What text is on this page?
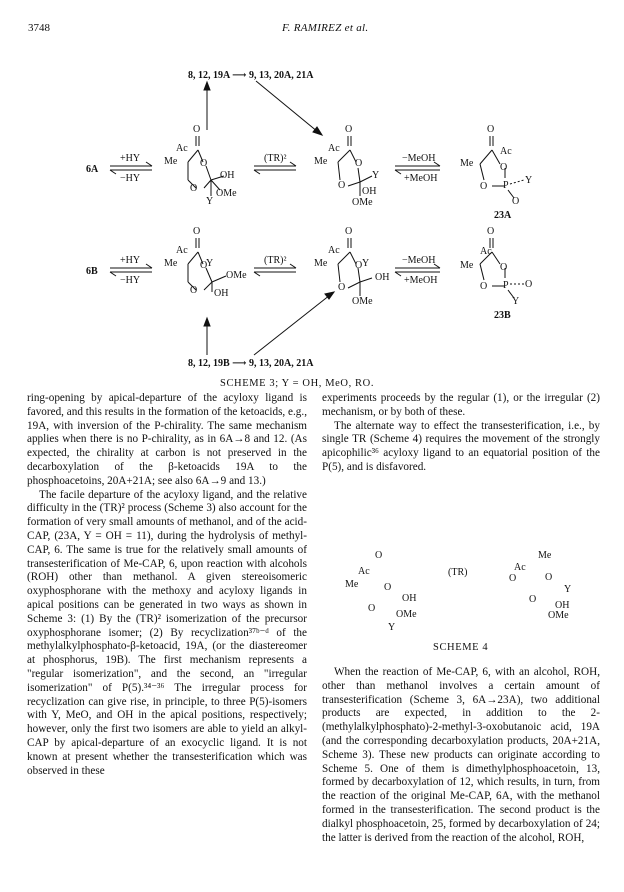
3748	F. RAMIREZ et al.
8, 12, 19A ⟶ 9, 13, 20A, 21A
6A
+HY
−HY
(TR)²	−MeOH
+MeOH
O
Ac
Me O
O
OH
OMe
Y
O
Ac
Me	O
O
Y
OH
OMe
O
Ac
Me	O
O P Y
O
23A
6B
+HY
−HY
(TR)²	−MeOH
+MeOH
O
Ac
Me O
O
OMe
OH
Y
O
Ac
Me	O
O
OH
Y
OMe
O
Ac
Me	O
O P O
Y
23B
8, 12, 19B ⟶ 9, 13, 20A, 21A
SCHEME 3; Y = OH, MeO, RO.

ring-opening by apical-departure of the acyloxy ligand is favored, and this results in the formation of the ketoacids, e.g., 19A, with inversion of the P-chirality. The same mechanism applies when there is no P-chirality, as in 6A→8 and 12. (As expected, the chirality at carbon is not preserved in the decarboxylation of the β-ketoacids 19A to the phosphoacetoins, 20A+21A; see also 6A→9 and 13.)

The facile departure of the acyloxy ligand, and the relative difficulty in the (TR)² process (Scheme 3) also account for the formation of very small amounts of methanol, and of the acid-CAP, (23A, Y = OH = 11), during the hydrolysis of methyl-CAP, 6. The same is true for the relatively small amounts of transesterification of Me-CAP, 6, upon reaction with alcohols (ROH) other than methanol. A given stereoisomeric oxyphosphorane with the methoxy and acyloxy ligands in apical positions can be generated in two ways as shown in Scheme 3: (1) By the (TR)² isomerization of the precursor oxyphosphorane isomer; (2) By recyclization³⁷ᵇ⁻ᵈ of the methylalkylphosphato-β-ketoacid, 19A, (or the diastereomer at phosphorus, 19B). The first mechanism represents a "regular isomerization", and the second, an "irregular isomerization" of P(5).³⁴⁻³⁶ The irregular process for recyclization can give rise, in principle, to three P(5)-isomers with Y, MeO, and OH in the apical positions, respectively; however, only the first two isomers are able to yield an alkyl-CAP by apical-departure of an exocyclic ligand. It is not known at present whether the transesterification which was observed in these

experiments proceeds by the regular (1), or the irregular (2) mechanism, or by both of these.

The alternate way to effect the transesterification, i.e., by single TR (Scheme 4) requires the movement of the strongly apicophilic³⁶ acyloxy ligand to an equatorial position of the P(5), and is disfavored.

O
Ac
Me	O
O
OH
OMe
Y
(TR)
Me
Ac
O
O
O
Y
OH
OMe
SCHEME 4

When the reaction of Me-CAP, 6, with an alcohol, ROH, other than methanol involves a certain amount of transesterification (Scheme 3, 6A→23A), two additional products are expected, in addition to the 2-(methylalkylphosphato)-2-methyl-3-oxobutanoic acid, 19A (and the corresponding decarboxylation products, 20A+21A, Scheme 3). These new products can originate according to Scheme 5. One of them is dimethylphosphoacetoin, 13, formed by decarboxylation of 12, which results, in turn, from the reaction of the original Me-CAP, 6A, with the methanol formed in the transesterification. The second product is the dialkyl phosphoacetoin, 25, formed by decarboxylation of 24; the latter is derived from the reaction of the alcohol, ROH,
